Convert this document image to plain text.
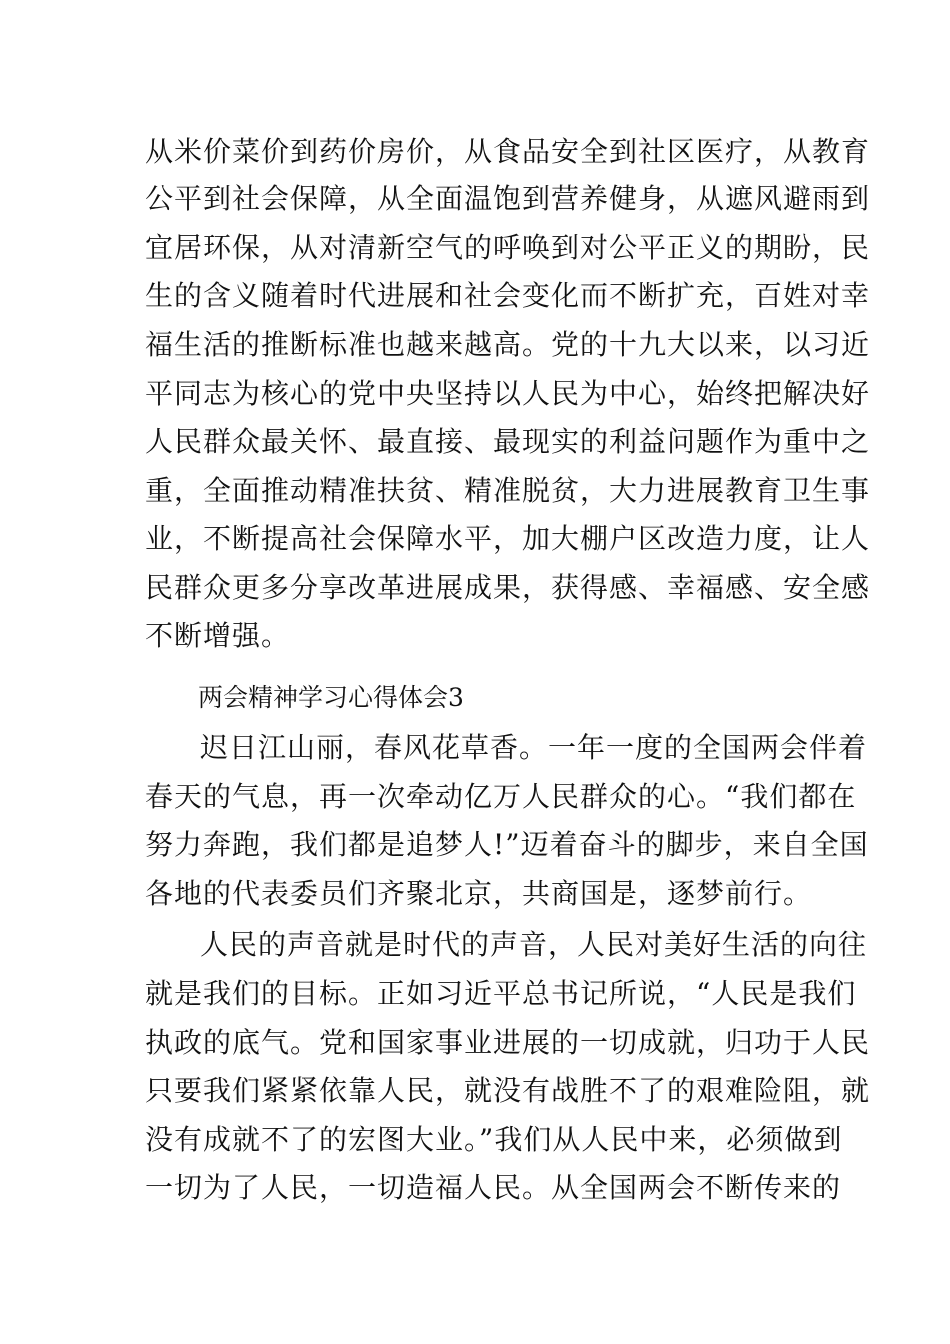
从米价菜价到药价房价，从食品安全到社区医疗，从教育

公平到社会保障，从全面温饱到营养健身，从遮风避雨到

宜居环保，从对清新空气的呼唤到对公平正义的期盼，民

生的含义随着时代进展和社会变化而不断扩充，百姓对幸

福生活的推断标准也越来越高。党的十九大以来，以习近

平同志为核心的党中央坚持以人民为中心，始终把解决好

人民群众最关怀、最直接、最现实的利益问题作为重中之

重，全面推动精准扶贫、精准脱贫，大力进展教育卫生事

业，不断提高社会保障水平，加大棚户区改造力度，让人

民群众更多分享改革进展成果，获得感、幸福感、安全感

不断增强。

两会精神学习心得体会3

迟日江山丽，春风花草香。一年一度的全国两会伴着

春天的气息，再一次牵动亿万人民群众的心。“我们都在

努力奔跑，我们都是追梦人!”迈着奋斗的脚步，来自全国

各地的代表委员们齐聚北京，共商国是，逐梦前行。

人民的声音就是时代的声音，人民对美好生活的向往

就是我们的目标。正如习近平总书记所说，“人民是我们

执政的底气。党和国家事业进展的一切成就，归功于人民

只要我们紧紧依靠人民，就没有战胜不了的艰难险阻，就

没有成就不了的宏图大业。”我们从人民中来，必须做到

一切为了人民，一切造福人民。从全国两会不断传来的
